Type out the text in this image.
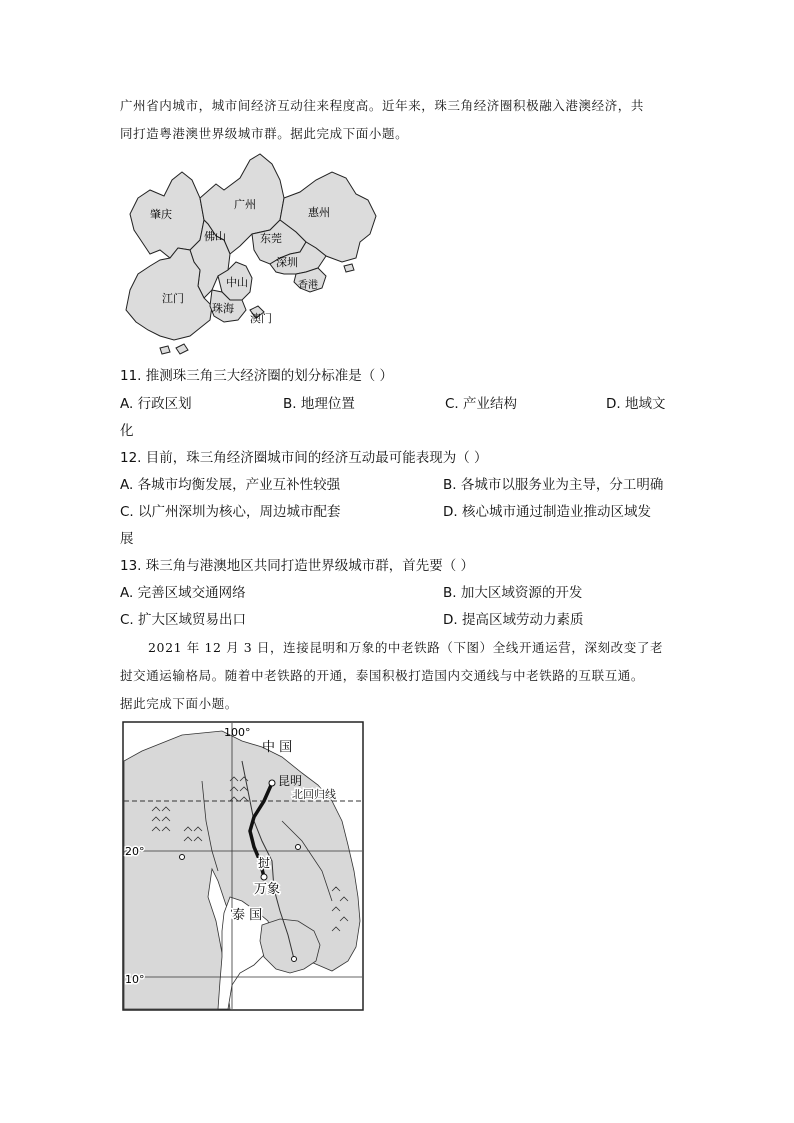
广州省内城市，城市间经济互动往来程度高。近年来，珠三角经济圈积极融入港澳经济，共
同打造粤港澳世界级城市群。据此完成下面小题。
肇庆
广州
惠州
佛山	东莞
深圳
香港
中山
江门
珠海
澳门
11. 推测珠三角三大经济圈的划分标准是（ ）
A. 行政区划	B. 地理位置	C. 产业结构	D. 地域文
化
12. 目前，珠三角经济圈城市间的经济互动最可能表现为（ ）
A. 各城市均衡发展，产业互补性较强	B. 各城市以服务业为主导，分工明确
C. 以广州深圳为核心，周边城市配套	D. 核心城市通过制造业推动区域发
展
13. 珠三角与港澳地区共同打造世界级城市群，首先要（ ）
A. 完善区域交通网络	B. 加大区域资源的开发
C. 扩大区域贸易出口	D. 提高区域劳动力素质
2021 年 12 月 3 日，连接昆明和万象的中老铁路（下图）全线开通运营，深刻改变了老
挝交通运输格局。随着中老铁路的开通，泰国积极打造国内交通线与中老铁路的互联互通。
据此完成下面小题。
100°
中 国
昆明
北回归线
20°
挝
万象
泰 国
10°
